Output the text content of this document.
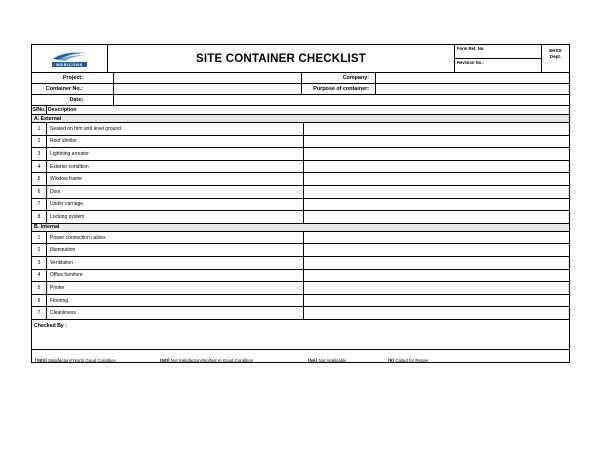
WEBICONS	SITE CONTAINER CHECKLIST
Form Ref. No.
Revision No.:
EHSS
Dept.
Project:	Company:
Container No.:	Purpose of container:
Date:
S/No. Description
A. External
1	Seated on firm and level ground
2	Roof shelter
3	Lightning arrestor
4	Exterior condition
5	Window frame
6	Door
7	Under carriage
8	Locking system
B. Internal
1	Power connection cables
2	Illumination
3	Ventilation
4	Office furniture
5	Printer
6	Flooring
7	Cleanliness
Checked By :
[YES] Satisfactory/Yes/In Good Condition	[NO] Not Satisfactory/No/Not In Good Condition	[NA] Not Applicable	[R] Called for Repair
